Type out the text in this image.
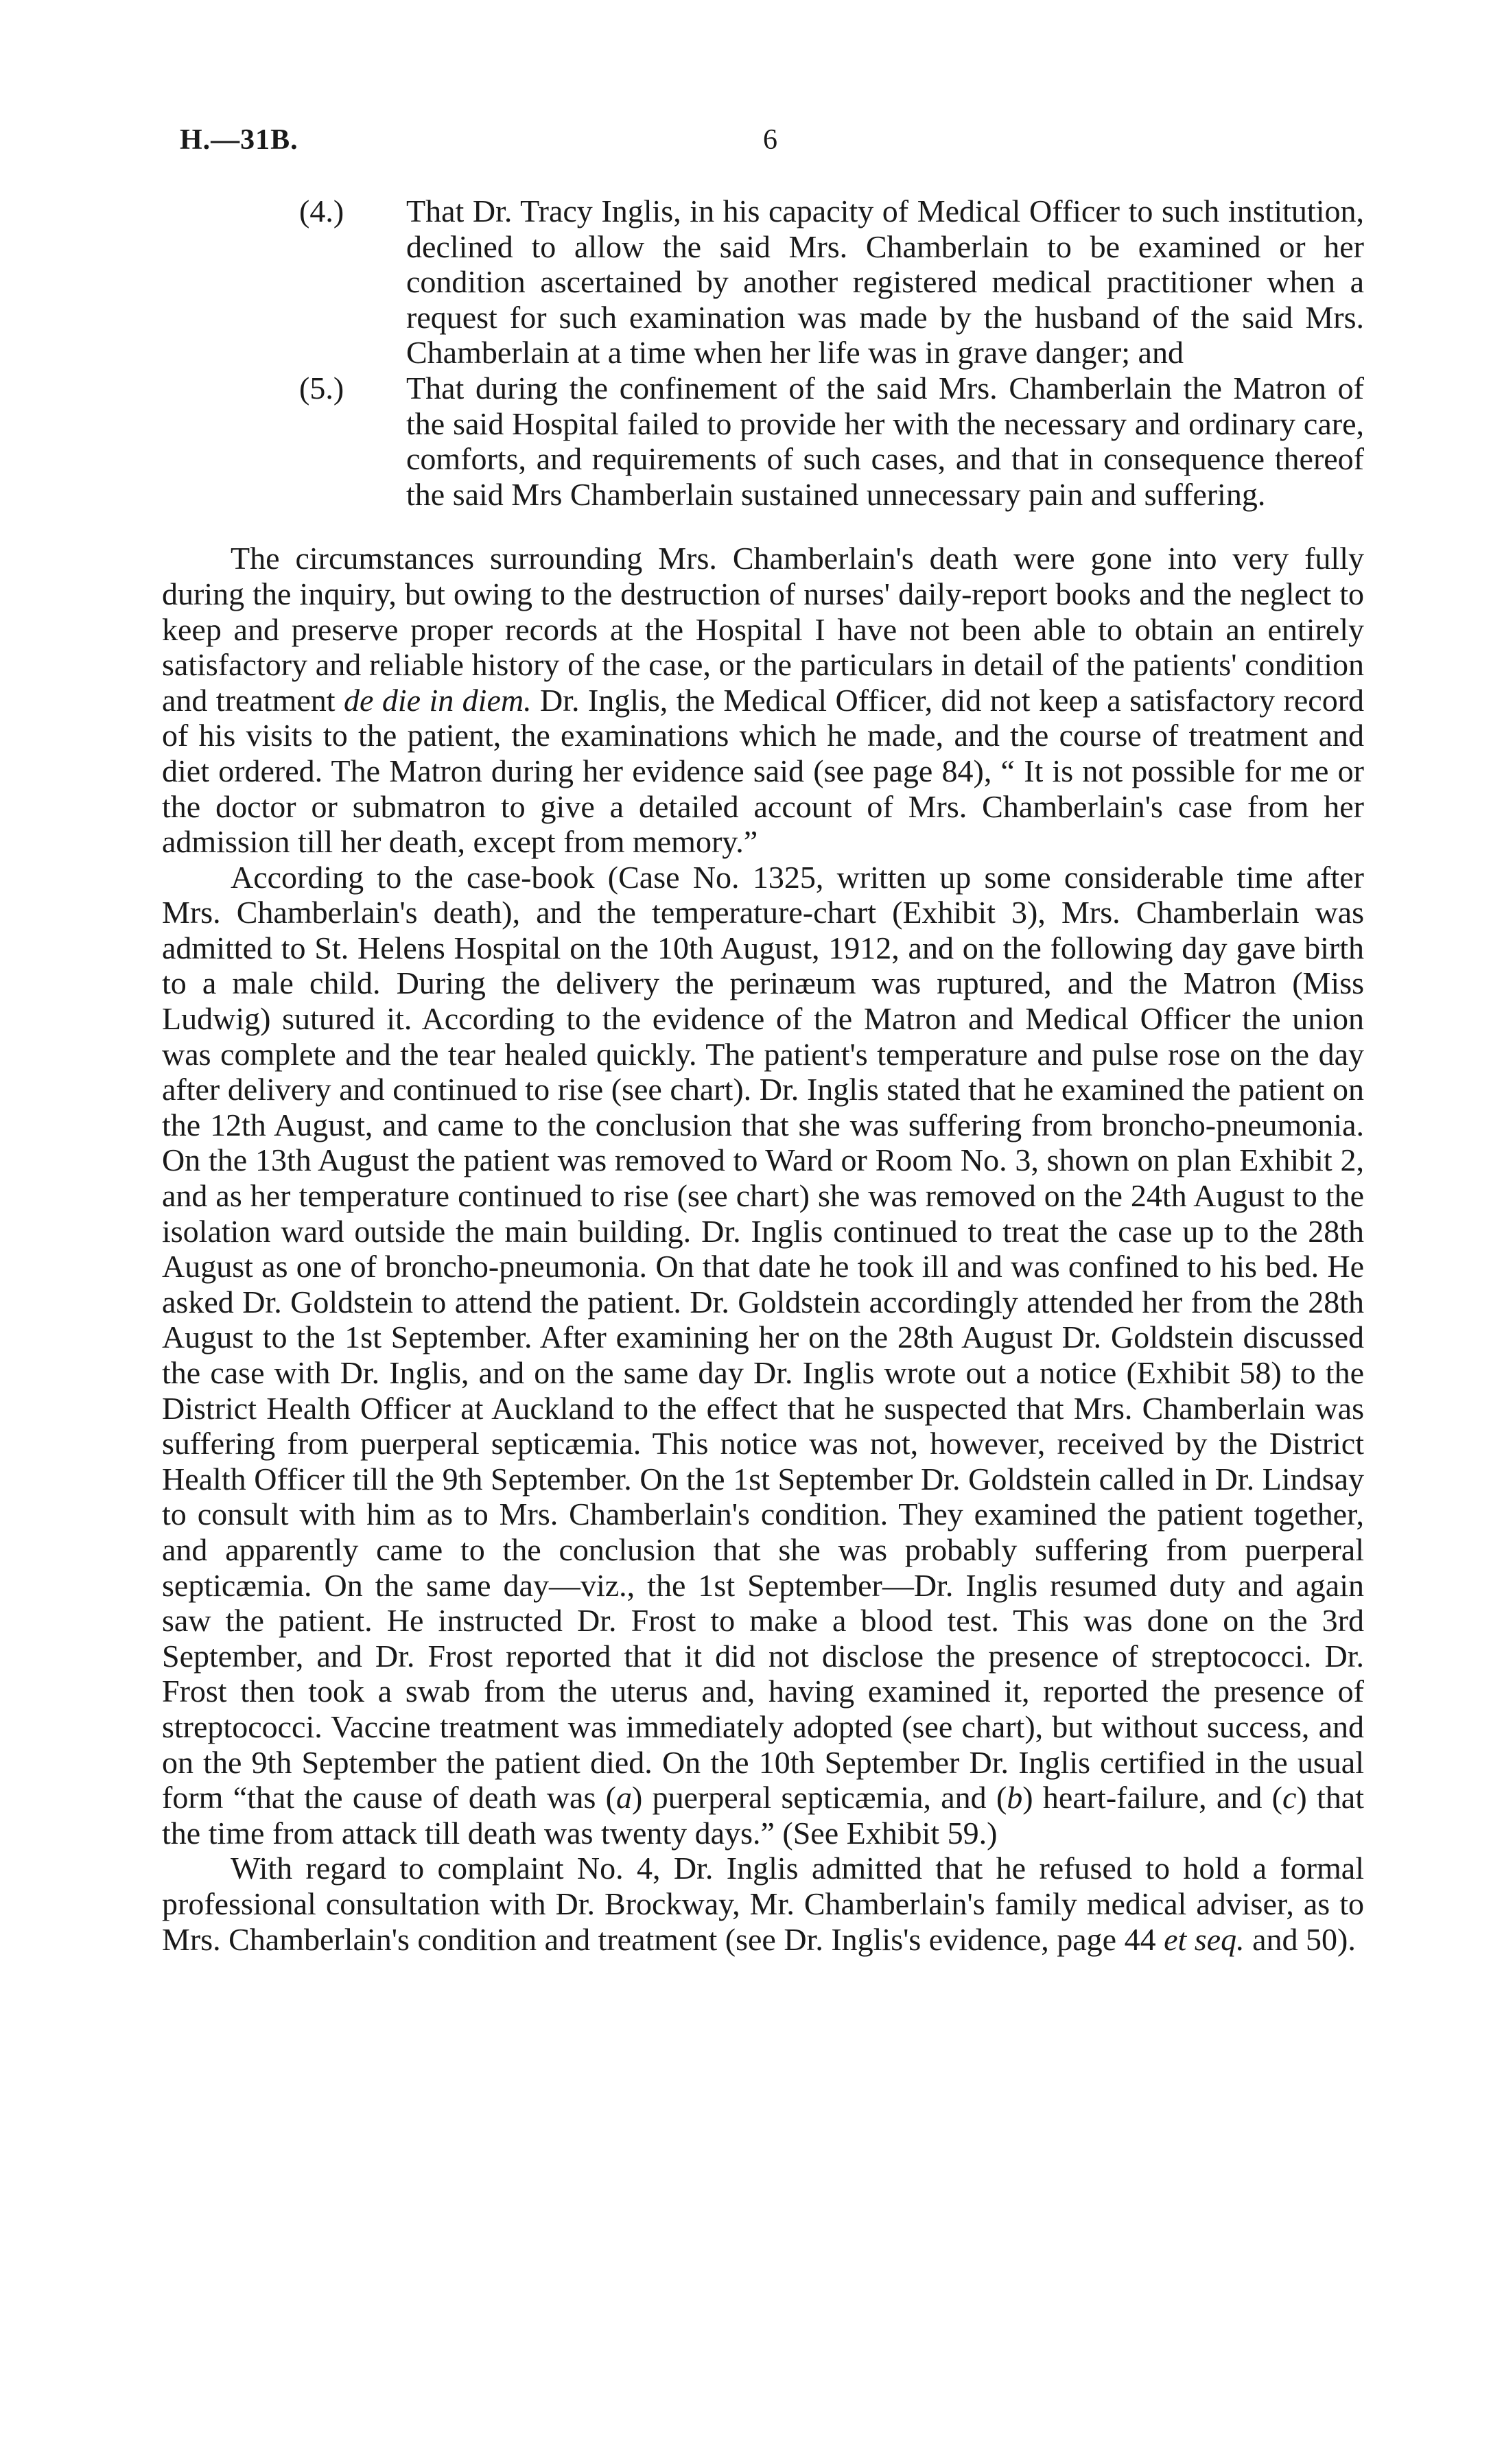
H.—31B.	6
(4.) That Dr. Tracy Inglis, in his capacity of Medical Officer to such institution, declined to allow the said Mrs. Chamberlain to be examined or her condition ascertained by another registered medical practitioner when a request for such examination was made by the husband of the said Mrs. Chamberlain at a time when her life was in grave danger; and
(5.) That during the confinement of the said Mrs. Chamberlain the Matron of the said Hospital failed to provide her with the necessary and ordinary care, comforts, and requirements of such cases, and that in consequence thereof the said Mrs Chamberlain sustained unnecessary pain and suffering.

The circumstances surrounding Mrs. Chamberlain's death were gone into very fully during the inquiry, but owing to the destruction of nurses' daily-report books and the neglect to keep and preserve proper records at the Hospital I have not been able to obtain an entirely satisfactory and reliable history of the case, or the particulars in detail of the patients' condition and treatment de die in diem. Dr. Inglis, the Medical Officer, did not keep a satisfactory record of his visits to the patient, the examinations which he made, and the course of treatment and diet ordered. The Matron during her evidence said (see page 84), “ It is not possible for me or the doctor or submatron to give a detailed account of Mrs. Chamberlain's case from her admission till her death, except from memory.”

According to the case-book (Case No. 1325, written up some considerable time after Mrs. Chamberlain's death), and the temperature-chart (Exhibit 3), Mrs. Chamberlain was admitted to St. Helens Hospital on the 10th August, 1912, and on the following day gave birth to a male child. During the delivery the perinæum was ruptured, and the Matron (Miss Ludwig) sutured it. According to the evidence of the Matron and Medical Officer the union was complete and the tear healed quickly. The patient's temperature and pulse rose on the day after delivery and continued to rise (see chart). Dr. Inglis stated that he examined the patient on the 12th August, and came to the conclusion that she was suffering from broncho-pneumonia. On the 13th August the patient was removed to Ward or Room No. 3, shown on plan Exhibit 2, and as her temperature continued to rise (see chart) she was removed on the 24th August to the isolation ward outside the main building. Dr. Inglis continued to treat the case up to the 28th August as one of broncho-pneumonia. On that date he took ill and was confined to his bed. He asked Dr. Goldstein to attend the patient. Dr. Goldstein accordingly attended her from the 28th August to the 1st September. After examining her on the 28th August Dr. Goldstein discussed the case with Dr. Inglis, and on the same day Dr. Inglis wrote out a notice (Exhibit 58) to the District Health Officer at Auckland to the effect that he suspected that Mrs. Chamberlain was suffering from puerperal septicæmia. This notice was not, however, received by the District Health Officer till the 9th September. On the 1st September Dr. Goldstein called in Dr. Lindsay to consult with him as to Mrs. Chamberlain's condition. They examined the patient together, and apparently came to the conclusion that she was probably suffering from puerperal septicæmia. On the same day—viz., the 1st September—Dr. Inglis resumed duty and again saw the patient. He instructed Dr. Frost to make a blood test. This was done on the 3rd September, and Dr. Frost reported that it did not disclose the presence of streptococci. Dr. Frost then took a swab from the uterus and, having examined it, reported the presence of streptococci. Vaccine treatment was immediately adopted (see chart), but without success, and on the 9th September the patient died. On the 10th September Dr. Inglis certified in the usual form “that the cause of death was (a) puerperal septicæmia, and (b) heart-failure, and (c) that the time from attack till death was twenty days.” (See Exhibit 59.)

With regard to complaint No. 4, Dr. Inglis admitted that he refused to hold a formal professional consultation with Dr. Brockway, Mr. Chamberlain's family medical adviser, as to Mrs. Chamberlain's condition and treatment (see Dr. Inglis's evidence, page 44 et seq. and 50).
